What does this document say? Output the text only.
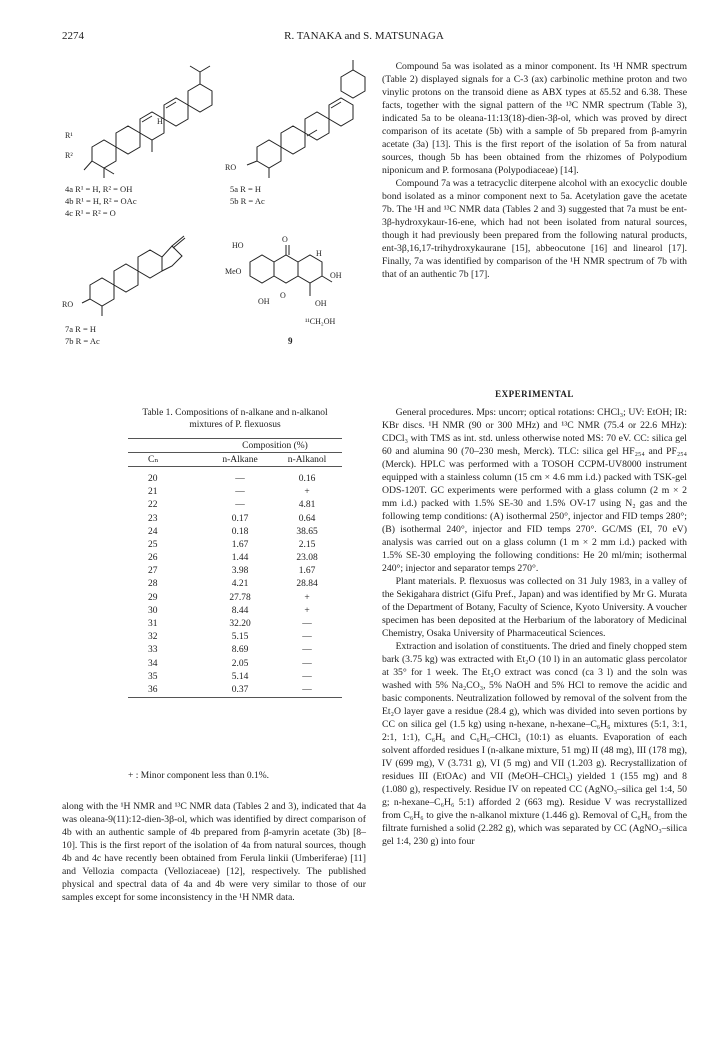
2274	R. TANAKA and S. MATSUNAGA
H
R¹
R²
RO
4a R¹ = H, R² = OH
4b R¹ = H, R² = OAc
4c R¹ = R² = O
5a R = H
5b R = Ac
RO
7a R = H
7b R = Ac
O
HO
MeO
H
OH
O
OH	OH
¹¹CH₂OH
9
Table 1. Compositions of n-alkane and n-alkanol mixtures of P. flexuosus
	Composition (%)	
Cₙ	n-Alkane	n-Alkanol

20	—	0.16
21	—	+
22	—	4.81
23	0.17	0.64
24	0.18	38.65
25	1.67	2.15
26	1.44	23.08
27	3.98	1.67
28	4.21	28.84
29	27.78	+
30	8.44	+
31	32.20	—
32	5.15	—
33	8.69	—
34	2.05	—
35	5.14	—
36	0.37	—

+ : Minor component less than 0.1%.

Compound 5a was isolated as a minor component. Its ¹H NMR spectrum (Table 2) displayed signals for a C-3 (ax) carbinolic methine proton and two vinylic protons on the transoid diene as ABX types at δ5.52 and 6.38. These facts, together with the signal pattern of the ¹³C NMR spectrum (Table 3), indicated 5a to be oleana-11:13(18)-dien-3β-ol, which was proved by direct comparison of its acetate (5b) with a sample of 5b prepared from β-amyrin acetate (3a) [13]. This is the first report of the isolation of 5a from natural sources, though 5b has been obtained from the rhizomes of Polypodium niponicum and P. formosana (Polypodiaceae) [14].

Compound 7a was a tetracyclic diterpene alcohol with an exocyclic double bond isolated as a minor component next to 5a. Acetylation gave the acetate 7b. The ¹H and ¹³C NMR data (Tables 2 and 3) suggested that 7a must be ent-3β-hydroxykaur-16-ene, which had not been isolated from natural sources, though it had previously been prepared from the following natural products, ent-3β,16,17-trihydroxykaurane [15], abbeocutone [16] and linearol [17]. Finally, 7a was identified by comparison of the ¹H NMR spectrum of 7b with that of an authentic 7b [17].

EXPERIMENTAL

General procedures. Mps: uncorr; optical rotations: CHCl₃; UV: EtOH; IR: KBr discs. ¹H NMR (90 or 300 MHz) and ¹³C NMR (75.4 or 22.6 MHz): CDCl₃ with TMS as int. std. unless otherwise noted MS: 70 eV. CC: silica gel 60 and alumina 90 (70–230 mesh, Merck). TLC: silica gel HF₂₅₄ and PF₂₅₄ (Merck). HPLC was performed with a TOSOH CCPM-UV8000 instrument equipped with a stainless column (15 cm × 4.6 mm i.d.) packed with TSK-gel ODS-120T. GC experiments were performed with a glass column (2 m × 2 mm i.d.) packed with 1.5% SE-30 and 1.5% OV-17 using N₂ gas and the following temp conditions: (A) isothermal 250°, injector and FID temps 280°; (B) isothermal 240°, injector and FID temps 270°. GC/MS (EI, 70 eV) analysis was carried out on a glass column (1 m × 2 mm i.d.) packed with 1.5% SE-30 employing the following conditions: He 20 ml/min; isothermal 240°; injector and separator temps 270°.

Plant materials. P. flexuosus was collected on 31 July 1983, in a valley of the Sekigahara district (Gifu Pref., Japan) and was identified by Mr G. Murata of the Department of Botany, Faculty of Science, Kyoto University. A voucher specimen has been deposited at the Herbarium of the laboratory of Medicinal Chemistry, Osaka University of Pharmaceutical Sciences.

Extraction and isolation of constituents. The dried and finely chopped stem bark (3.75 kg) was extracted with Et₂O (10 l) in an automatic glass percolator at 35° for 1 week. The Et₂O extract was concd (ca 3 l) and the soln was washed with 5% Na₂CO₃, 5% NaOH and 5% HCl to remove the acidic and basic components. Neutralization followed by removal of the solvent from the Et₂O layer gave a residue (28.4 g), which was divided into seven portions by CC on silica gel (1.5 kg) using n-hexane, n-hexane–C₆H₆ mixtures (5:1, 3:1, 2:1, 1:1), C₆H₆ and C₆H₆–CHCl₃ (10:1) as eluants. Evaporation of each solvent afforded residues I (n-alkane mixture, 51 mg) II (48 mg), III (178 mg), IV (699 mg), V (3.731 g), VI (5 mg) and VII (1.203 g). Recrystallization of residues III (EtOAc) and VII (MeOH–CHCl₃) yielded 1 (155 mg) and 8 (1.080 g), respectively. Residue IV on repeated CC (AgNO₃–silica gel 1:4, 50 g; n-hexane–C₆H₆ 5:1) afforded 2 (663 mg). Residue V was recrystallized from C₆H₆ to give the n-alkanol mixture (1.446 g). Removal of C₆H₆ from the filtrate furnished a solid (2.282 g), which was separated by CC (AgNO₃–silica gel 1:4, 230 g) into four

along with the ¹H NMR and ¹³C NMR data (Tables 2 and 3), indicated that 4a was oleana-9(11):12-dien-3β-ol, which was identified by direct comparison of 4b with an authentic sample of 4b prepared from β-amyrin acetate (3b) [8–10]. This is the first report of the isolation of 4a from natural sources, though 4b and 4c have recently been obtained from Ferula linkii (Umberiferae) [11] and Vellozia compacta (Velloziaceae) [12], respectively. The published physical and spectral data of 4a and 4b were very similar to those of our samples except for some inconsistency in the ¹H NMR data.
